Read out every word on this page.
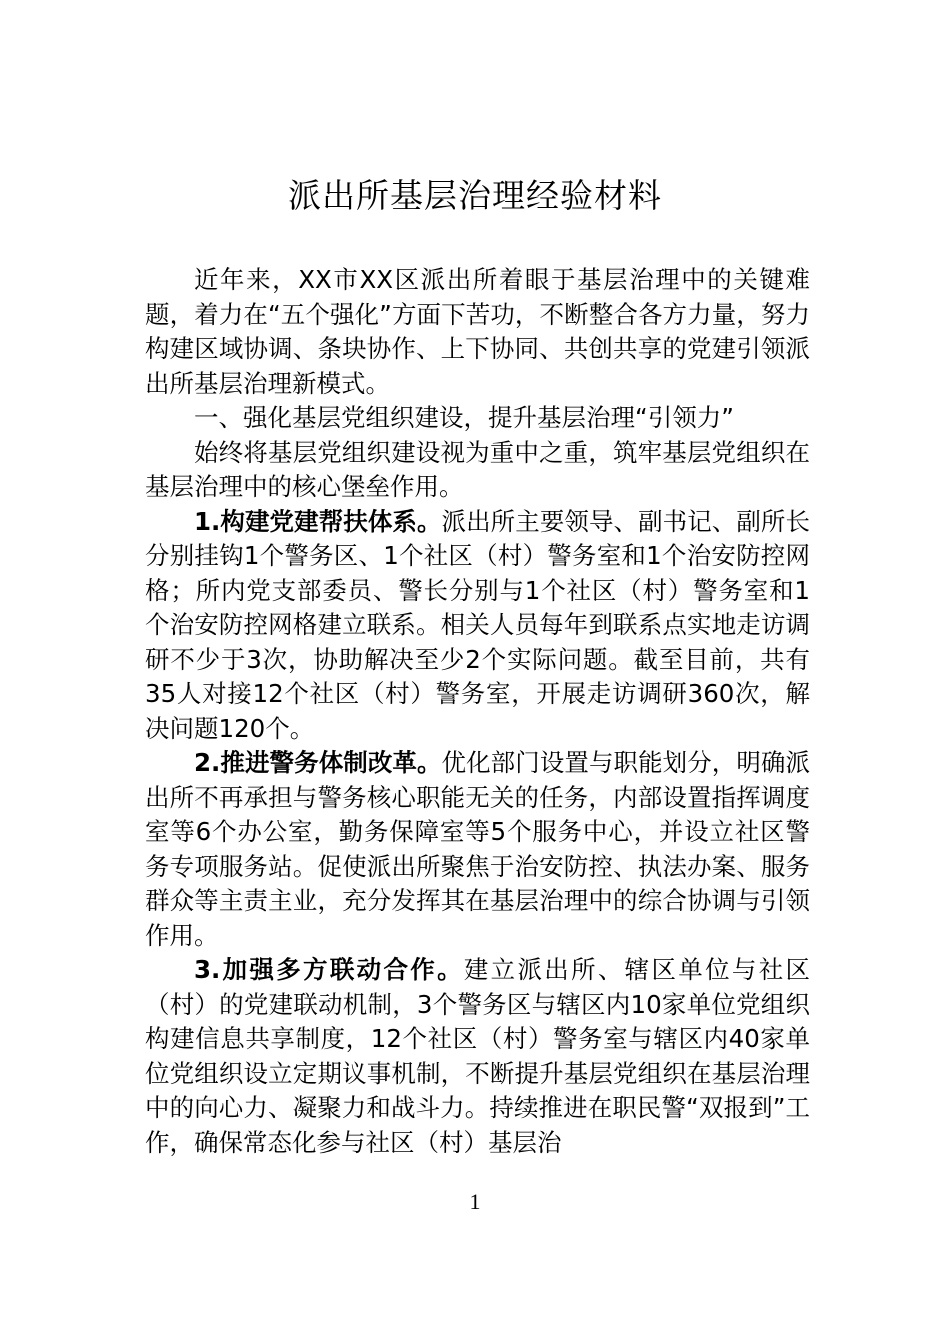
派出所基层治理经验材料

近年来，XX市XX区派出所着眼于基层治理中的关键难题，着力在“五个强化”方面下苦功，不断整合各方力量，努力构建区域协调、条块协作、上下协同、共创共享的党建引领派出所基层治理新模式。

一、强化基层党组织建设，提升基层治理“引领力”

始终将基层党组织建设视为重中之重，筑牢基层党组织在基层治理中的核心堡垒作用。

1.构建党建帮扶体系。派出所主要领导、副书记、副所长分别挂钩1个警务区、1个社区（村）警务室和1个治安防控网格；所内党支部委员、警长分别与1个社区（村）警务室和1个治安防控网格建立联系。相关人员每年到联系点实地走访调研不少于3次，协助解决至少2个实际问题。截至目前，共有35人对接12个社区（村）警务室，开展走访调研360次，解决问题120个。

2.推进警务体制改革。优化部门设置与职能划分，明确派出所不再承担与警务核心职能无关的任务，内部设置指挥调度室等6个办公室，勤务保障室等5个服务中心，并设立社区警务专项服务站。促使派出所聚焦于治安防控、执法办案、服务群众等主责主业，充分发挥其在基层治理中的综合协调与引领作用。

3.加强多方联动合作。建立派出所、辖区单位与社区（村）的党建联动机制，3个警务区与辖区内10家单位党组织构建信息共享制度，12个社区（村）警务室与辖区内40家单位党组织设立定期议事机制，不断提升基层党组织在基层治理中的向心力、凝聚力和战斗力。持续推进在职民警“双报到”工作，确保常态化参与社区（村）基层治

1
